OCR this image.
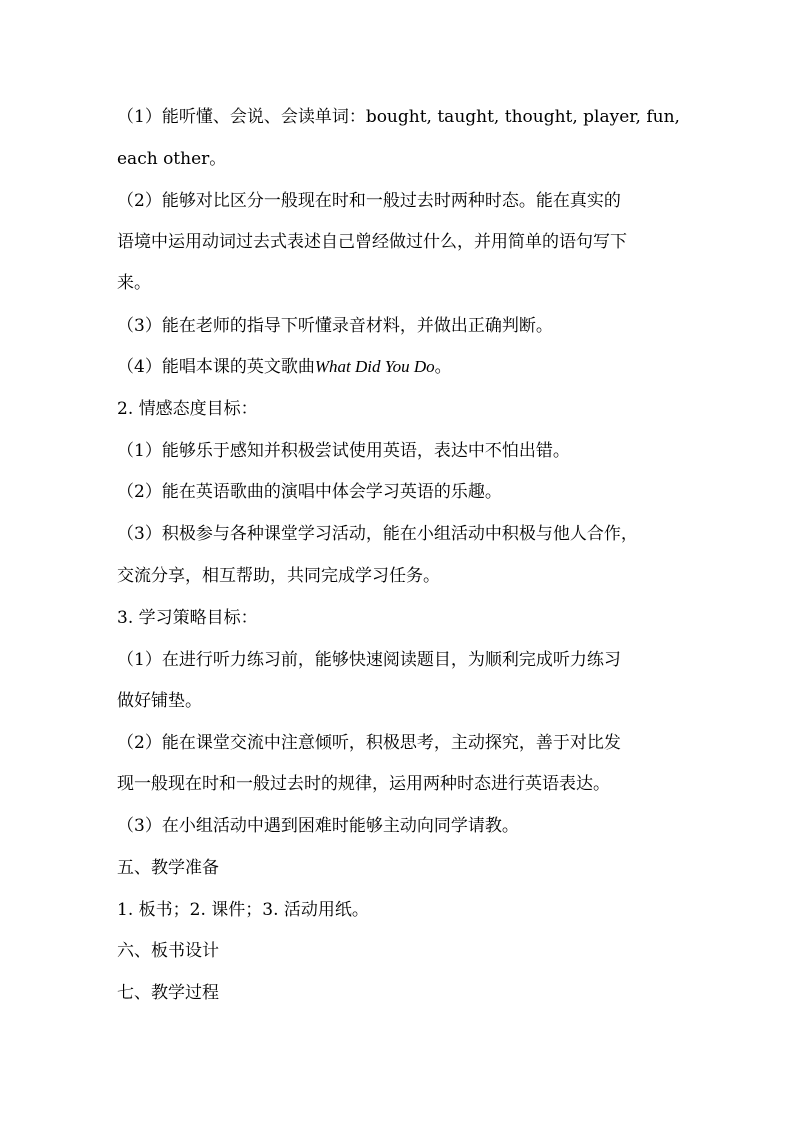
（1）能听懂、会说、会读单词：bought, taught, thought, player, fun,
each other。
（2）能够对比区分一般现在时和一般过去时两种时态。能在真实的
语境中运用动词过去式表述自己曾经做过什么，并用简单的语句写下
来。
（3）能在老师的指导下听懂录音材料，并做出正确判断。
（4）能唱本课的英文歌曲What Did You Do。
2. 情感态度目标：
（1）能够乐于感知并积极尝试使用英语，表达中不怕出错。
（2）能在英语歌曲的演唱中体会学习英语的乐趣。
（3）积极参与各种课堂学习活动，能在小组活动中积极与他人合作，
交流分享，相互帮助，共同完成学习任务。
3. 学习策略目标：
（1）在进行听力练习前，能够快速阅读题目，为顺利完成听力练习
做好铺垫。
（2）能在课堂交流中注意倾听，积极思考，主动探究，善于对比发
现一般现在时和一般过去时的规律，运用两种时态进行英语表达。
（3）在小组活动中遇到困难时能够主动向同学请教。
五、教学准备
1. 板书；2. 课件；3. 活动用纸。
六、板书设计
七、教学过程
